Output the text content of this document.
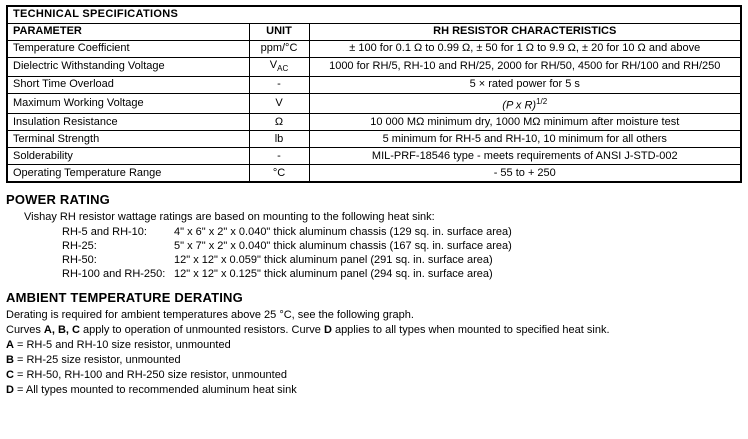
TECHNICAL SPECIFICATIONS		
PARAMETER	UNIT	RH RESISTOR CHARACTERISTICS
Temperature Coefficient	ppm/°C	± 100 for 0.1 Ω to 0.99 Ω, ± 50 for 1 Ω to 9.9 Ω, ± 20 for 10 Ω and above
Dielectric Withstanding Voltage	$V_{AC}$	1000 for RH/5, RH-10 and RH/25, 2000 for RH/50, 4500 for RH/100 and RH/250
Short Time Overload	-	5 × rated power for 5 s
Maximum Working Voltage	V	(P x R)$^{1/2}$
Insulation Resistance	Ω	10 000 MΩ minimum dry, 1000 MΩ minimum after moisture test
Terminal Strength	lb	5 minimum for RH-5 and RH-10, 10 minimum for all others
Solderability	-	MIL-PRF-18546 type - meets requirements of ANSI J-STD-002
Operating Temperature Range	°C	- 55 to + 250
POWER RATING
Vishay RH resistor wattage ratings are based on mounting to the following heat sink:
RH-5 and RH-10:	4" x 6" x 2" x 0.040" thick aluminum chassis (129 sq. in. surface area)
RH-25:	5" x 7" x 2" x 0.040" thick aluminum chassis (167 sq. in. surface area)
RH-50:	12" x 12" x 0.059" thick aluminum panel (291 sq. in. surface area)
RH-100 and RH-250: 12" x 12" x 0.125" thick aluminum panel (294 sq. in. surface area)
AMBIENT TEMPERATURE DERATING
Derating is required for ambient temperatures above 25 °C, see the following graph.
Curves A, B, C apply to operation of unmounted resistors. Curve D applies to all types when mounted to specified heat sink.
A = RH-5 and RH-10 size resistor, unmounted
B = RH-25 size resistor, unmounted
C = RH-50, RH-100 and RH-250 size resistor, unmounted
D = All types mounted to recommended aluminum heat sink
